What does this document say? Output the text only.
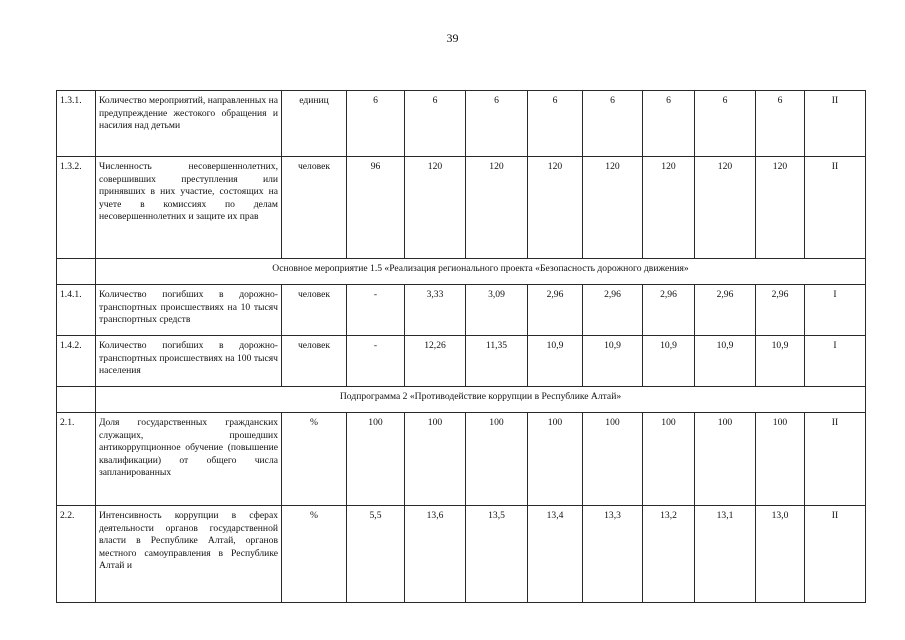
39
1.3.1.	Количество мероприятий, направленных на предупреждение жестокого обращения и насилия над детьми	единиц	6	6	6	6	6	6	6	6	II
1.3.2.	Численность несовершеннолетних, совершивших преступления или принявших в них участие, состоящих на учете в комиссиях по делам несовершеннолетних и защите их прав	человек	96	120	120	120	120	120	120	120	II
	Основное мероприятие 1.5 «Реализация регионального проекта «Безопасность дорожного движения»										
1.4.1.	Количество погибших в дорожно-транспортных происшествиях на 10 тысяч транспортных средств	человек	-	3,33	3,09	2,96	2,96	2,96	2,96	2,96	I
1.4.2.	Количество погибших в дорожно-транспортных происшествиях на 100 тысяч населения	человек	-	12,26	11,35	10,9	10,9	10,9	10,9	10,9	I
	Подпрограмма 2 «Противодействие коррупции в Республике Алтай»										
2.1.	Доля государственных гражданских служащих, прошедших антикоррупционное обучение (повышение квалификации) от общего числа запланированных	%	100	100	100	100	100	100	100	100	II
2.2.	Интенсивность коррупции в сферах деятельности органов государственной власти в Республике Алтай, органов местного самоуправления в Республике Алтай и	%	5,5	13,6	13,5	13,4	13,3	13,2	13,1	13,0	II
